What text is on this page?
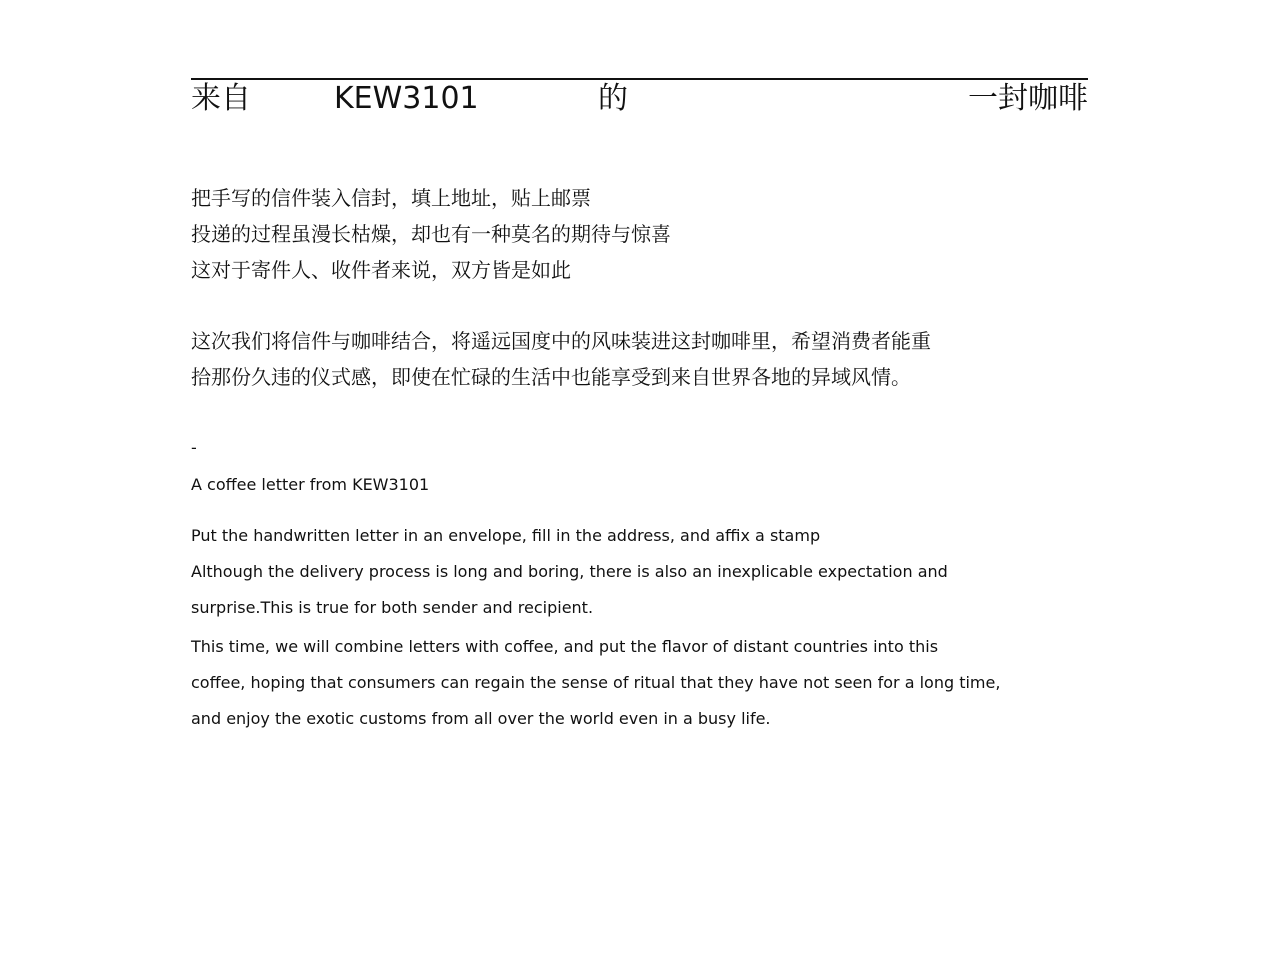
来自	KEW3101	的	一封咖啡
把手写的信件装入信封，填上地址，贴上邮票
投递的过程虽漫长枯燥，却也有一种莫名的期待与惊喜
这对于寄件人、收件者来说，双方皆是如此
这次我们将信件与咖啡结合，将遥远国度中的风味装进这封咖啡里，希望消费者能重
拾那份久违的仪式感，即使在忙碌的生活中也能享受到来自世界各地的异域风情。
-
A coffee letter from KEW3101
Put the handwritten letter in an envelope, fill in the address, and affix a stamp
Although the delivery process is long and boring, there is also an inexplicable expectation and
surprise.This is true for both sender and recipient.
This time, we will combine letters with coffee, and put the flavor of distant countries into this
coffee, hoping that consumers can regain the sense of ritual that they have not seen for a long time,
and enjoy the exotic customs from all over the world even in a busy life.
